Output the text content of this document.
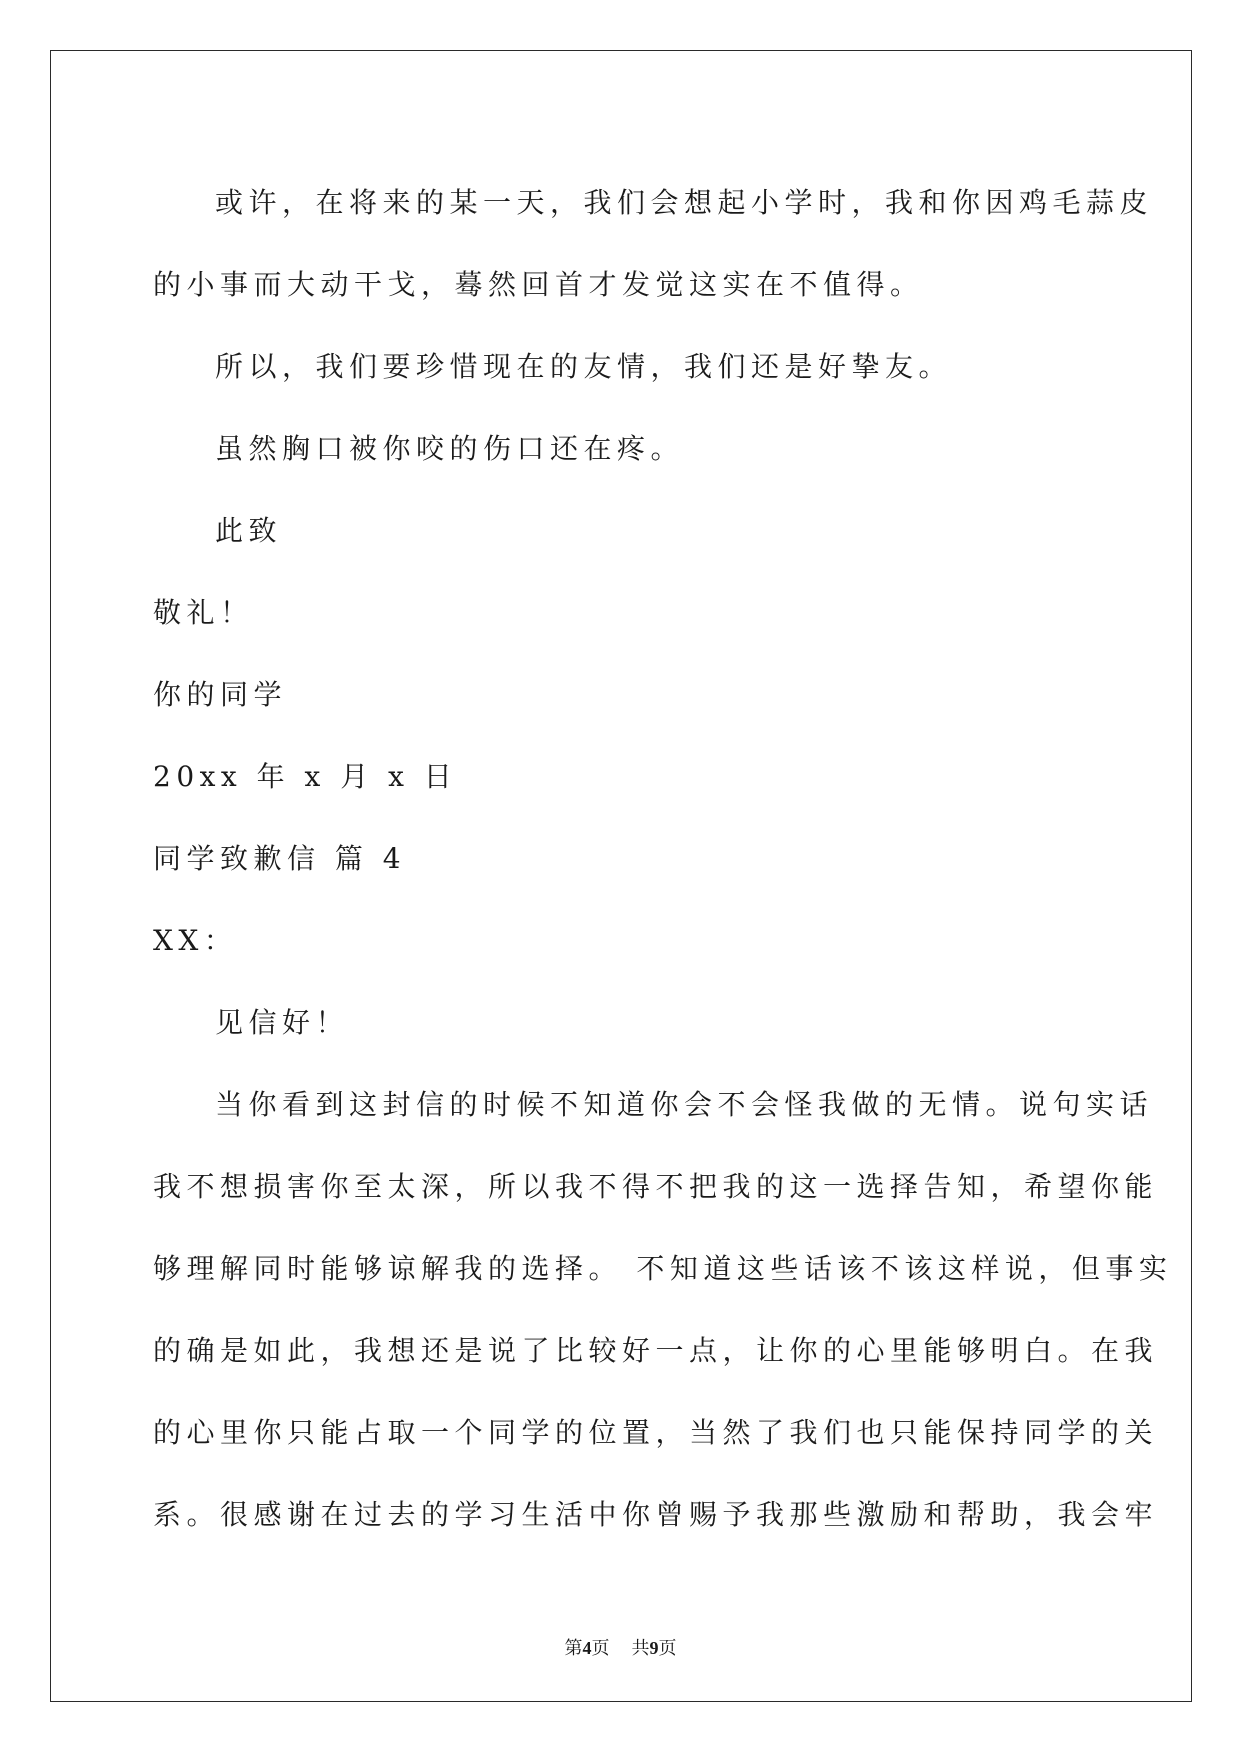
或许，在将来的某一天，我们会想起小学时，我和你因鸡毛蒜皮
的小事而大动干戈，蓦然回首才发觉这实在不值得。
所以，我们要珍惜现在的友情，我们还是好挚友。
虽然胸口被你咬的伤口还在疼。
此致
敬礼！
你的同学
20xx 年 x 月 x 日
同学致歉信 篇 4
XX：
见信好！
当你看到这封信的时候不知道你会不会怪我做的无情。说句实话
我不想损害你至太深，所以我不得不把我的这一选择告知，希望你能
够理解同时能够谅解我的选择。 不知道这些话该不该这样说，但事实
的确是如此，我想还是说了比较好一点，让你的心里能够明白。在我
的心里你只能占取一个同学的位置，当然了我们也只能保持同学的关
系。很感谢在过去的学习生活中你曾赐予我那些激励和帮助，我会牢
第4页 共9页
